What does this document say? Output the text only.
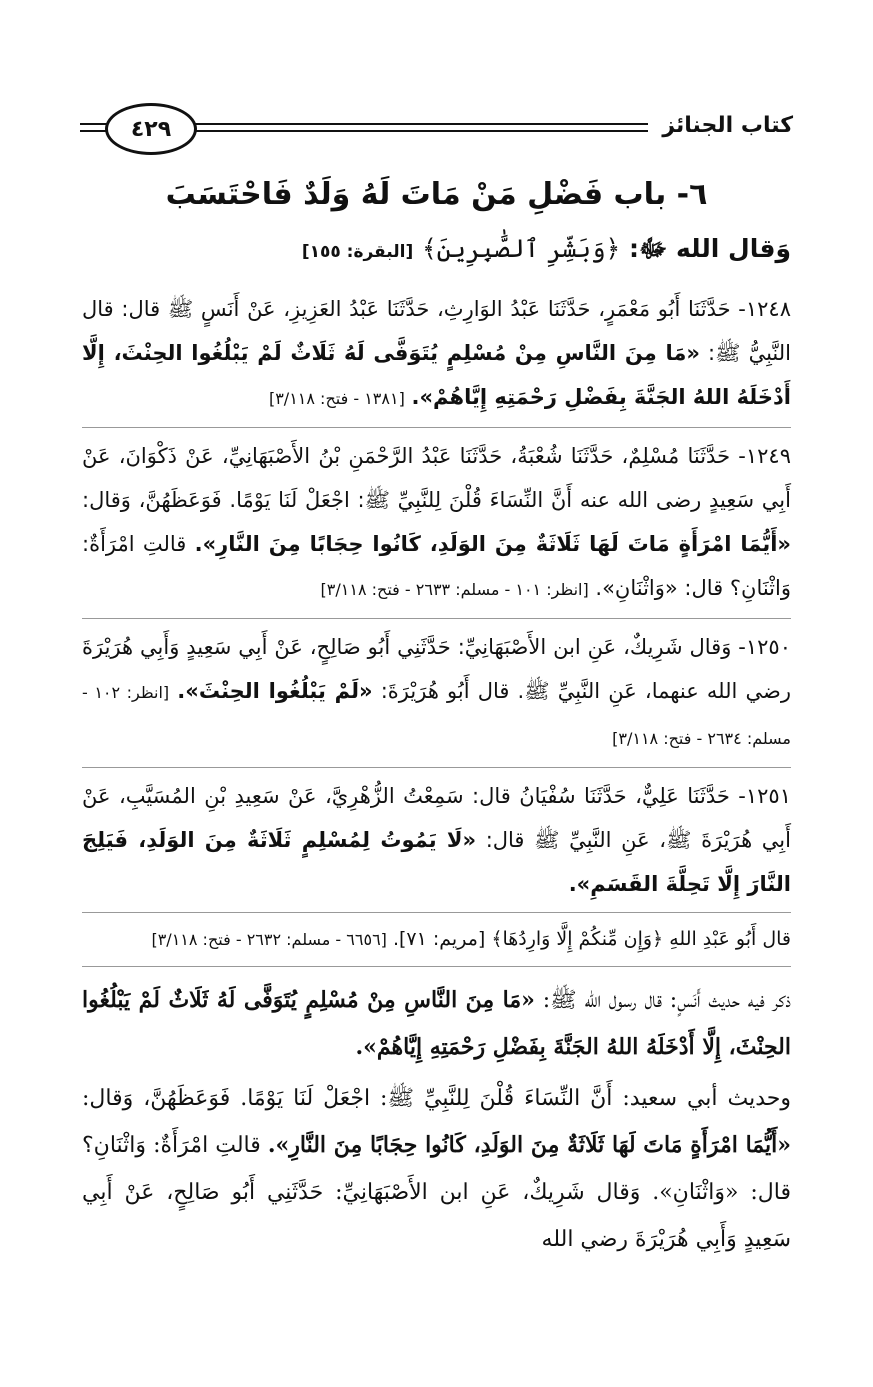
كتاب الجنائز
٤٢٩
٦- باب فَضْلِ مَنْ مَاتَ لَهُ وَلَدٌ فَاحْتَسَبَ

وَقال الله ﷻ: ﴿وَبَشِّرِ ٱلصَّٰبِرِينَ﴾ [البقرة: ١٥٥]

١٢٤٨- حَدَّثَنَا أَبُو مَعْمَرٍ، حَدَّثَنَا عَبْدُ الوَارِثِ، حَدَّثَنَا عَبْدُ العَزِيزِ، عَنْ أَنَسٍ ﷺ قال: قال النَّبِيُّ ﷺ: «مَا مِنَ النَّاسِ مِنْ مُسْلِمٍ يُتَوَفَّى لَهُ ثَلَاثٌ لَمْ يَبْلُغُوا الحِنْثَ، إِلَّا أَدْخَلَهُ اللهُ الجَنَّةَ بِفَضْلِ رَحْمَتِهِ إِيَّاهُمْ». [١٣٨١ - فتح: ٣/١١٨]

١٢٤٩- حَدَّثَنَا مُسْلِمٌ، حَدَّثَنَا شُعْبَةُ، حَدَّثَنَا عَبْدُ الرَّحْمَنِ بْنُ الأَصْبَهَانِيِّ، عَنْ ذَكْوَانَ، عَنْ أَبِي سَعِيدٍ رضى الله عنه أَنَّ النِّسَاءَ قُلْنَ لِلنَّبِيِّ ﷺ: اجْعَلْ لَنَا يَوْمًا. فَوَعَظَهُنَّ، وَقال: «أَيُّمَا امْرَأَةٍ مَاتَ لَهَا ثَلَاثَةٌ مِنَ الوَلَدِ، كَانُوا حِجَابًا مِنَ النَّارِ». قالتِ امْرَأَةٌ: وَاثْنَانِ؟ قال: «وَاثْنَانِ». [انظر: ١٠١ - مسلم: ٢٦٣٣ - فتح: ٣/١١٨]

١٢٥٠- وَقال شَرِيكٌ، عَنِ ابن الأَصْبَهَانِيِّ: حَدَّثَنِي أَبُو صَالِحٍ، عَنْ أَبِي سَعِيدٍ وَأَبِي هُرَيْرَةَ رضي الله عنهما، عَنِ النَّبِيِّ ﷺ. قال أَبُو هُرَيْرَةَ: «لَمْ يَبْلُغُوا الحِنْثَ». [انظر: ١٠٢ - مسلم: ٢٦٣٤ - فتح: ٣/١١٨]

١٢٥١- حَدَّثَنَا عَلِيٌّ، حَدَّثَنَا سُفْيَانُ قال: سَمِعْتُ الزُّهْرِيَّ، عَنْ سَعِيدِ بْنِ المُسَيَّبِ، عَنْ أَبِي هُرَيْرَةَ ﷺ، عَنِ النَّبِيِّ ﷺ قال: «لَا يَمُوتُ لِمُسْلِمٍ ثَلَاثَةٌ مِنَ الوَلَدِ، فَيَلِجَ النَّارَ إِلَّا تَحِلَّةَ القَسَمِ».

قال أَبُو عَبْدِ اللهِ ﴿وَإِن مِّنكُمْ إِلَّا وَارِدُهَا﴾ [مريم: ٧١]. [٦٦٥٦ - مسلم: ٢٦٣٢ - فتح: ٣/١١٨]

ذكر فيه حديث أَنَسٍ: قال رسول الله ﷺ: «مَا مِنَ النَّاسِ مِنْ مُسْلِمٍ يُتَوَفَّى لَهُ ثَلَاثٌ لَمْ يَبْلُغُوا الحِنْثَ، إِلَّا أَدْخَلَهُ اللهُ الجَنَّةَ بِفَضْلِ رَحْمَتِهِ إِيَّاهُمْ».

وحديث أبي سعيد: أَنَّ النِّسَاءَ قُلْنَ لِلنَّبِيِّ ﷺ: اجْعَلْ لَنَا يَوْمًا. فَوَعَظَهُنَّ، وَقال: «أَيُّمَا امْرَأَةٍ مَاتَ لَهَا ثَلَاثَةٌ مِنَ الوَلَدِ، كَانُوا حِجَابًا مِنَ النَّارِ». قالتِ امْرَأَةٌ: وَاثْنَانِ؟ قال: «وَاثْنَانِ». وَقال شَرِيكٌ، عَنِ ابن الأَصْبَهَانِيِّ: حَدَّثَنِي أَبُو صَالِحٍ، عَنْ أَبِي سَعِيدٍ وَأَبِي هُرَيْرَةَ رضي الله
